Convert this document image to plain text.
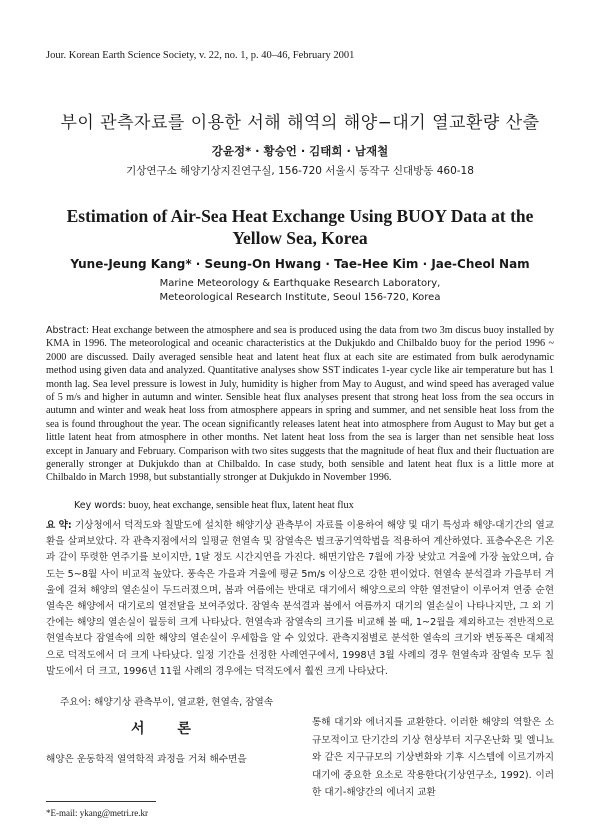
Jour. Korean Earth Science Society, v. 22, no. 1, p. 40–46, February 2001
부이 관측자료를 이용한 서해 해역의 해양−대기 열교환량 산출
강윤정* · 황승언 · 김태희 · 남재철
기상연구소 해양기상지진연구실, 156-720 서울시 동작구 신대방동 460-18
Estimation of Air-Sea Heat Exchange Using BUOY Data at the
Yellow Sea, Korea
Yune-Jeung Kang* · Seung-On Hwang · Tae-Hee Kim · Jae-Cheol Nam
Marine Meteorology & Earthquake Research Laboratory,
Meteorological Research Institute, Seoul 156-720, Korea
Abstract: Heat exchange between the atmosphere and sea is produced using the data from two 3m discus buoy installed by KMA in 1996. The meteorological and oceanic characteristics at the Dukjukdo and Chilbaldo buoy for the period 1996 ~ 2000 are discussed. Daily averaged sensible heat and latent heat flux at each site are estimated from bulk aerodynamic method using given data and analyzed. Quantitative analyses show SST indicates 1-year cycle like air temperature but has 1 month lag. Sea level pressure is lowest in July, humidity is higher from May to August, and wind speed has averaged value of 5 m/s and higher in autumn and winter. Sensible heat flux analyses present that strong heat loss from the sea occurs in autumn and winter and weak heat loss from atmosphere appears in spring and summer, and net sensible heat loss from the sea is found throughout the year. The ocean significantly releases latent heat into atmosphere from August to May but get a little latent heat from atmosphere in other months. Net latent heat loss from the sea is larger than net sensible heat loss except in January and February. Comparison with two sites suggests that the magnitude of heat flux and their fluctuation are generally stronger at Dukjukdo than at Chilbaldo. In case study, both sensible and latent heat flux is a little more at Chilbaldo in March 1998, but substantially stronger at Dukjukdo in November 1996.
Key words: buoy, heat exchange, sensible heat flux, latent heat flux
요 약: 기상청에서 덕적도와 칠발도에 설치한 해양기상 관측부이 자료를 이용하여 해양 및 대기 특성과 해양-대기간의 열교환을 살펴보았다. 각 관측지점에서의 일평균 현열속 및 잠열속은 벌크공기역학법을 적용하여 계산하였다. 표층수온은 기온과 같이 뚜렷한 연주기를 보이지만, 1달 정도 시간지연을 가진다. 해면기압은 7월에 가장 낮았고 겨울에 가장 높았으며, 습도는 5~8월 사이 비교적 높았다. 풍속은 가을과 겨울에 평균 5m/s 이상으로 강한 편이었다. 현열속 분석결과 가을부터 겨울에 걸쳐 해양의 열손실이 두드러졌으며, 봄과 여름에는 반대로 대기에서 해양으로의 약한 열전달이 이루어져 연중 순현열속은 해양에서 대기로의 열전달을 보여주었다. 잠열속 분석결과 봄에서 여름까지 대기의 열손실이 나타나지만, 그 외 기간에는 해양의 열손실이 월등히 크게 나타났다. 현열속과 잠열속의 크기를 비교해 볼 때, 1~2월을 제외하고는 전반적으로 현열속보다 잠열속에 의한 해양의 열손실이 우세함을 알 수 있었다. 관측지점별로 분석한 열속의 크기와 변동폭은 대체적으로 덕적도에서 더 크게 나타났다. 일정 기간을 선정한 사례연구에서, 1998년 3월 사례의 경우 현열속과 잠열속 모두 칠발도에서 더 크고, 1996년 11월 사례의 경우에는 덕적도에서 훨씬 크게 나타났다.
주요어: 해양기상 관측부이, 열교환, 현열속, 잠열속
서 론
해양은 운동학적 열역학적 과정을 거쳐 해수면을
통해 대기와 에너지를 교환한다. 이러한 해양의 역할은 소규모적이고 단기간의 기상 현상부터 지구온난화 및 엘니뇨와 같은 지구규모의 기상변화와 기후 시스템에 이르기까지 대기에 중요한 요소로 작용한다(기상연구소, 1992). 이러한 대기-해양간의 에너지 교환
*E-mail: ykang@metri.re.kr
